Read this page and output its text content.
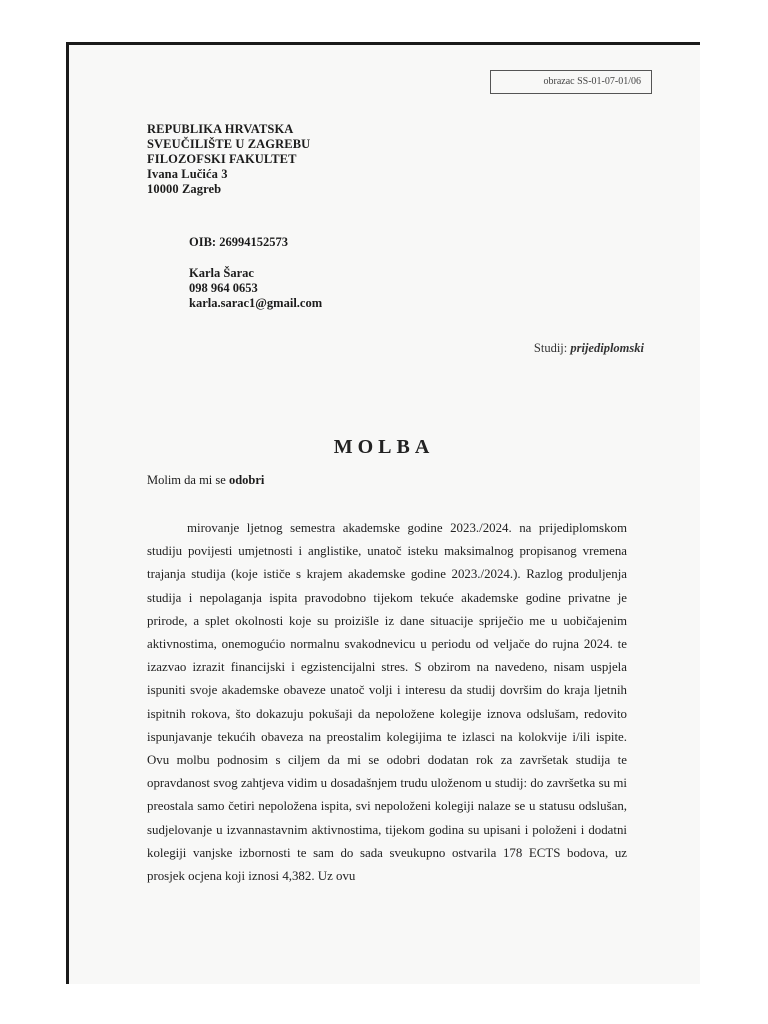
obrazac SS-01-07-01/06
REPUBLIKA HRVATSKA
SVEUČILIŠTE U ZAGREBU
FILOZOFSKI FAKULTET
Ivana Lučića 3
10000 Zagreb
OIB: 26994152573
Karla Šarac
098 964 0653
karla.sarac1@gmail.com
Studij: prijediplomski
MOLBA
Molim da mi se odobri
mirovanje ljetnog semestra akademske godine 2023./2024. na prijediplomskom studiju povijesti umjetnosti i anglistike, unatoč isteku maksimalnog propisanog vremena trajanja studija (koje ističe s krajem akademske godine 2023./2024.). Razlog produljenja studija i nepolaganja ispita pravodobno tijekom tekuće akademske godine privatne je prirode, a splet okolnosti koje su proizišle iz dane situacije spriječio me u uobičajenim aktivnostima, onemogućio normalnu svakodnevicu u periodu od veljače do rujna 2024. te izazvao izrazit financijski i egzistencijalni stres. S obzirom na navedeno, nisam uspjela ispuniti svoje akademske obaveze unatoč volji i interesu da studij dovršim do kraja ljetnih ispitnih rokova, što dokazuju pokušaji da nepoložene kolegije iznova odslušam, redovito ispunjavanje tekućih obaveza na preostalim kolegijima te izlasci na kolokvije i/ili ispite. Ovu molbu podnosim s ciljem da mi se odobri dodatan rok za završetak studija te opravdanost svog zahtjeva vidim u dosadašnjem trudu uloženom u studij: do završetka su mi preostala samo četiri nepoložena ispita, svi nepoloženi kolegiji nalaze se u statusu odslušan, sudjelovanje u izvannastavnim aktivnostima, tijekom godina su upisani i položeni i dodatni kolegiji vanjske izbornosti te sam do sada sveukupno ostvarila 178 ECTS bodova, uz prosjek ocjena koji iznosi 4,382. Uz ovu
